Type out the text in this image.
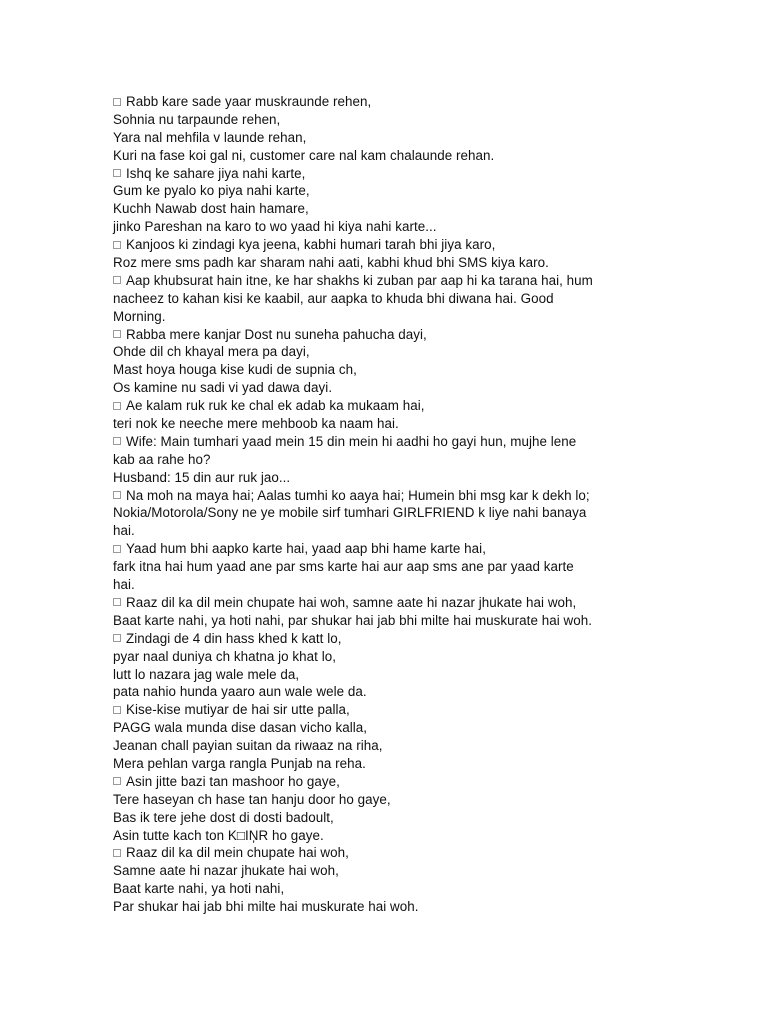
Rabb kare sade yaar muskraunde rehen,
Sohnia nu tarpaunde rehen,
Yara nal mehfila v launde rehan,
Kuri na fase koi gal ni, customer care nal kam chalaunde rehan.
Ishq ke sahare jiya nahi karte,
Gum ke pyalo ko piya nahi karte,
Kuchh Nawab dost hain hamare,
jinko Pareshan na karo to wo yaad hi kiya nahi karte...
Kanjoos ki zindagi kya jeena, kabhi humari tarah bhi jiya karo,
Roz mere sms padh kar sharam nahi aati, kabhi khud bhi SMS kiya karo.
Aap khubsurat hain itne, ke har shakhs ki zuban par aap hi ka tarana hai, hum
nacheez to kahan kisi ke kaabil, aur aapka to khuda bhi diwana hai. Good
Morning.
Rabba mere kanjar Dost nu suneha pahucha dayi,
Ohde dil ch khayal mera pa dayi,
Mast hoya houga kise kudi de supnia ch,
Os kamine nu sadi vi yad dawa dayi.
Ae kalam ruk ruk ke chal ek adab ka mukaam hai,
teri nok ke neeche mere mehboob ka naam hai.
Wife: Main tumhari yaad mein 15 din mein hi aadhi ho gayi hun, mujhe lene
kab aa rahe ho?
Husband: 15 din aur ruk jao...
Na moh na maya hai; Aalas tumhi ko aaya hai; Humein bhi msg kar k dekh lo;
Nokia/Motorola/Sony ne ye mobile sirf tumhari GIRLFRIEND k liye nahi banaya
hai.
Yaad hum bhi aapko karte hai, yaad aap bhi hame karte hai,
fark itna hai hum yaad ane par sms karte hai aur aap sms ane par yaad karte
hai.
Raaz dil ka dil mein chupate hai woh, samne aate hi nazar jhukate hai woh,
Baat karte nahi, ya hoti nahi, par shukar hai jab bhi milte hai muskurate hai woh.
Zindagi de 4 din hass khed k katt lo,
pyar naal duniya ch khatna jo khat lo,
lutt lo nazara jag wale mele da,
pata nahio hunda yaaro aun wale wele da.
Kise-kise mutiyar de hai sir utte palla,
PAGG wala munda dise dasan vicho kalla,
Jeanan chall payian suitan da riwaaz na riha,
Mera pehlan varga rangla Punjab na reha.
Asin jitte bazi tan mashoor ho gaye,
Tere haseyan ch hase tan hanju door ho gaye,
Bas ik tere jehe dost di dosti badoult,
Asin tutte kach ton K□IŅR ho gaye.
Raaz dil ka dil mein chupate hai woh,
Samne aate hi nazar jhukate hai woh,
Baat karte nahi, ya hoti nahi,
Par shukar hai jab bhi milte hai muskurate hai woh.
